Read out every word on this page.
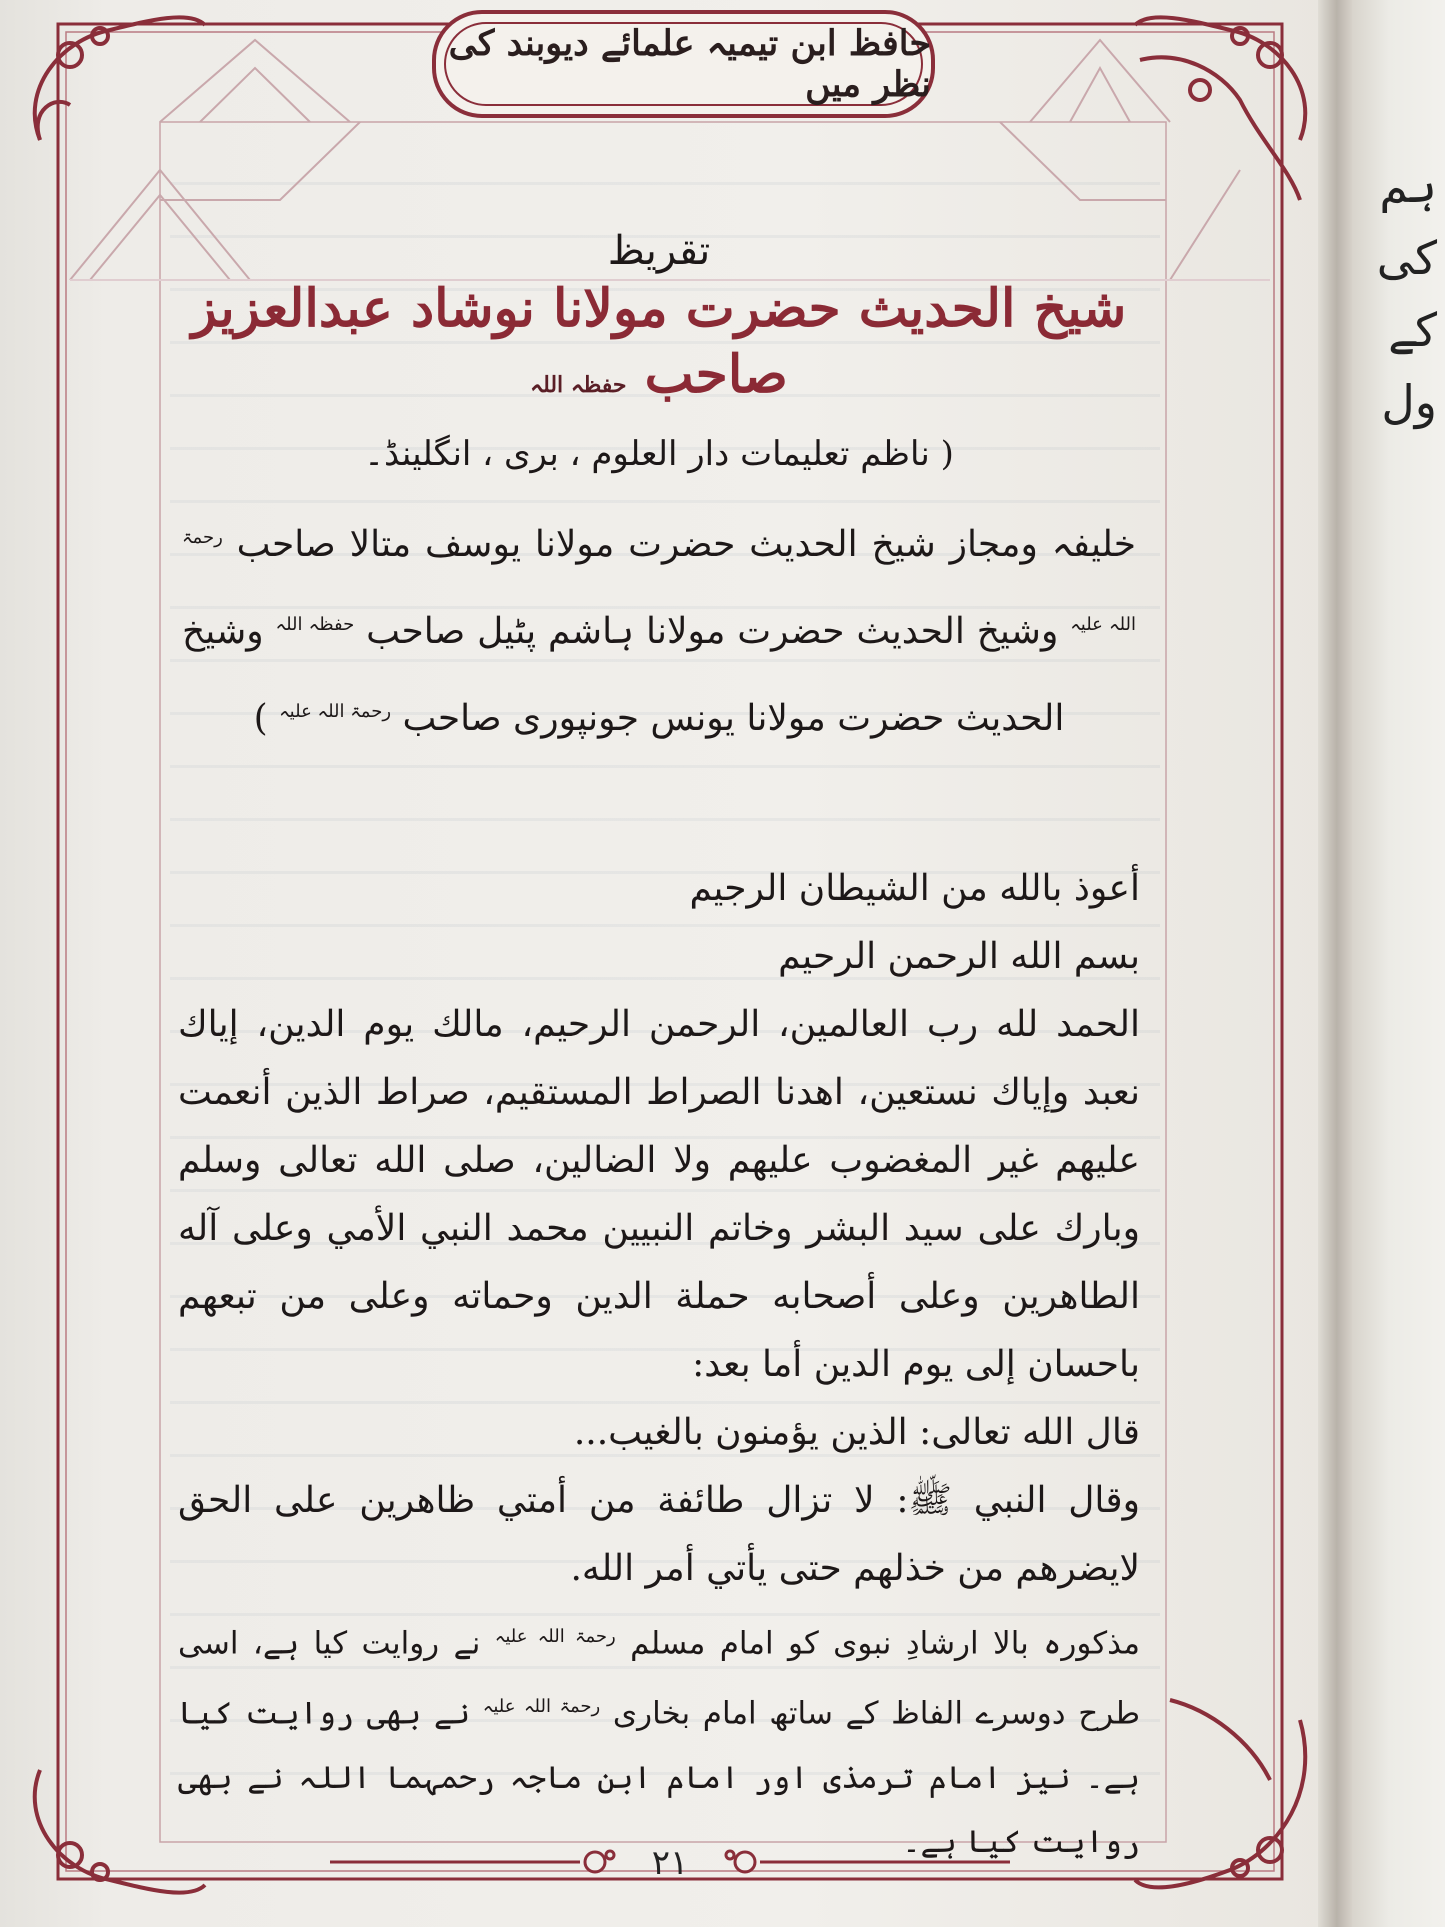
حافظ ابن تیمیہ علمائے دیوبند کی نظر میں
تقریظ
شیخ الحدیث حضرت مولانا نوشاد عبدالعزیز صاحب حفظہ اللہ
( ناظم تعلیمات دار العلوم ، بری ، انگلینڈ۔
خلیفہ ومجاز شیخ الحدیث حضرت مولانا یوسف متالا صاحب $^{رحمۃ اللہ علیہ}$ وشیخ الحدیث حضرت مولانا ہاشم پٹیل صاحب $^{حفظہ اللہ}$ وشیخ الحدیث حضرت مولانا یونس جونپوری صاحب $^{رحمۃ اللہ علیہ}$ )

أعوذ بالله من الشيطان الرجيم

بسم الله الرحمن الرحيم

الحمد لله رب العالمين، الرحمن الرحيم، مالك يوم الدين، إياك نعبد وإياك نستعين، اهدنا الصراط المستقيم، صراط الذين أنعمت عليهم غير المغضوب عليهم ولا الضالين، صلى الله تعالى وسلم وبارك على سيد البشر وخاتم النبيين محمد النبي الأمي وعلى آله الطاهرين وعلى أصحابه حملة الدين وحماته وعلى من تبعهم باحسان إلى يوم الدين أما بعد:

قال الله تعالى: الذين يؤمنون بالغيب...

وقال النبي ﷺ: لا تزال طائفة من أمتي ظاهرين على الحق لايضرهم من خذلهم حتى يأتي أمر الله.

مذکورہ بالا ارشادِ نبوی کو امام مسلم $^{رحمۃ اللہ علیہ}$ نے روایت کیا ہے، اسی طرح دوسرے الفاظ کے ساتھ امام بخاری $^{رحمۃ اللہ علیہ}$ نے بھی روایت کیا ہے۔ نیز امام ترمذی اور امام ابن ماجہ رحمہما اللہ نے بھی روایت کیا ہے۔

۲۱
ہم کی
کے
ول
